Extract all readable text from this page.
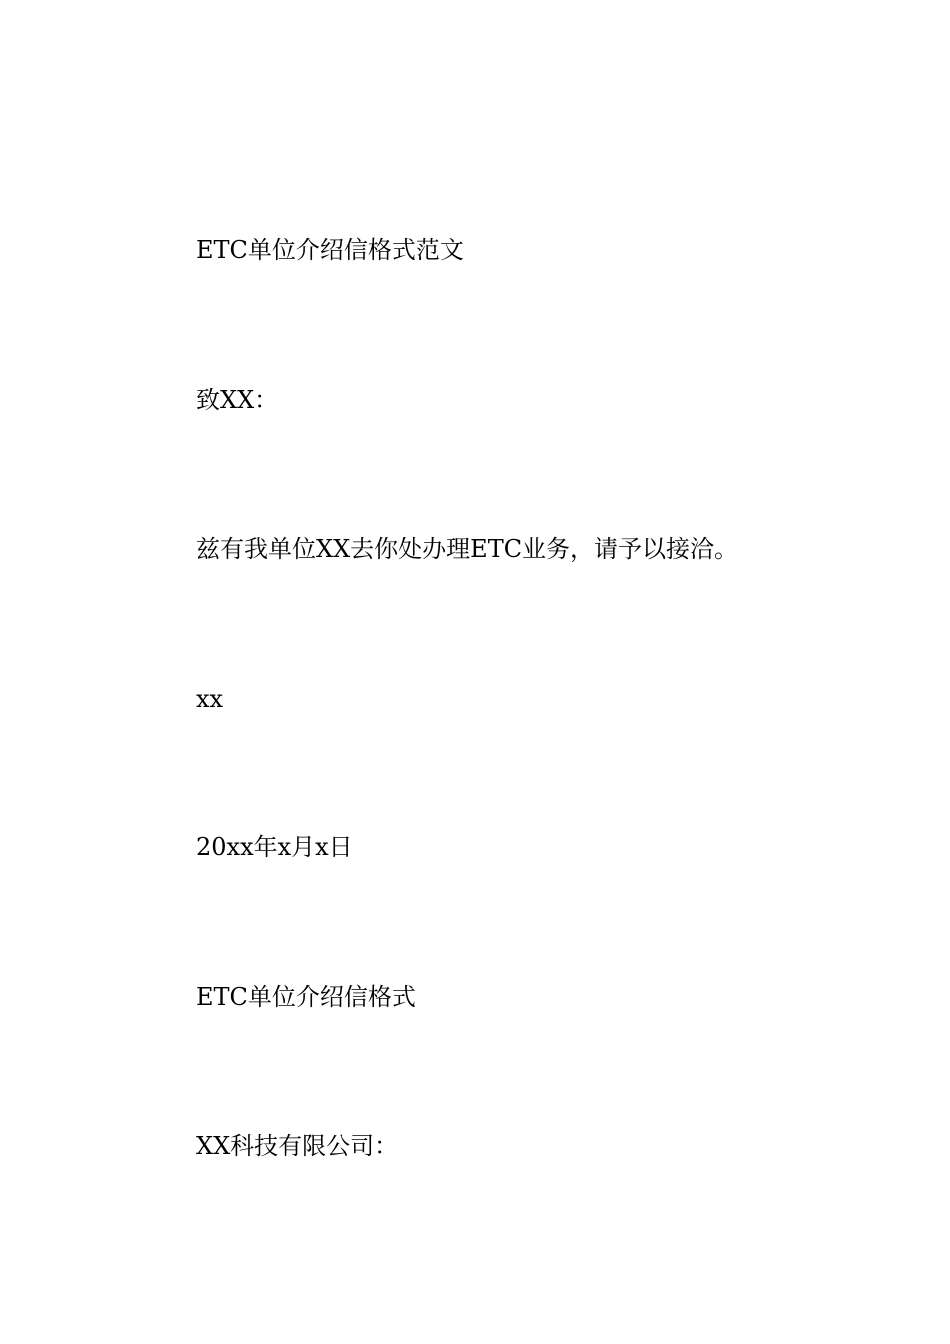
ETC单位介绍信格式范文
致XX：
兹有我单位XX去你处办理ETC业务，请予以接洽。
xx
20xx年x月x日
ETC单位介绍信格式
XX科技有限公司：
